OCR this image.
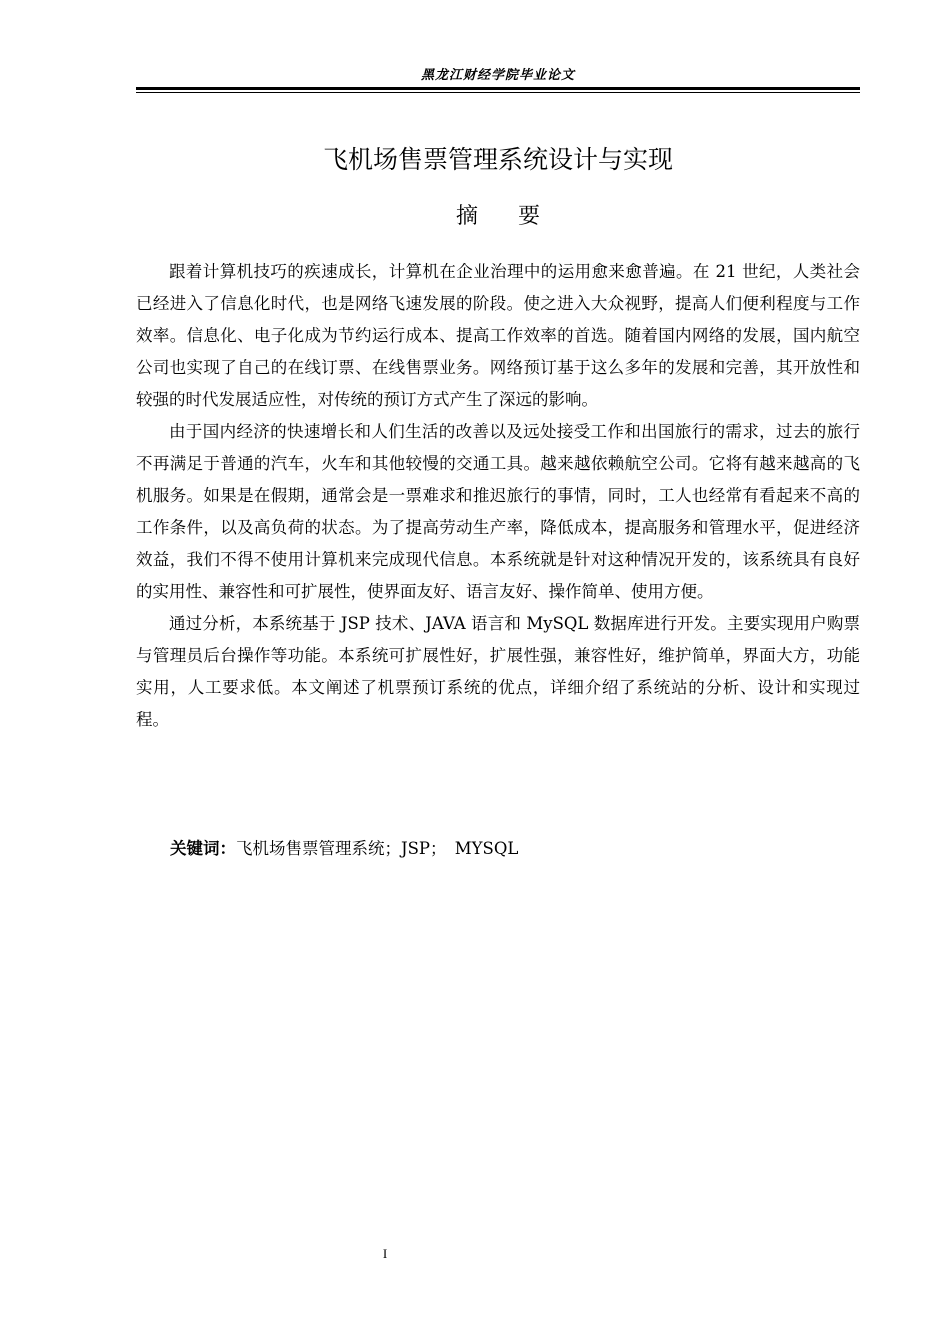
黑龙江财经学院毕业论文
飞机场售票管理系统设计与实现
摘要

跟着计算机技巧的疾速成长，计算机在企业治理中的运用愈来愈普遍。在 21 世纪，人类社会已经进入了信息化时代，也是网络飞速发展的阶段。使之进入大众视野，提高人们便利程度与工作效率。信息化、电子化成为节约运行成本、提高工作效率的首选。随着国内网络的发展，国内航空公司也实现了自己的在线订票、在线售票业务。网络预订基于这么多年的发展和完善，其开放性和较强的时代发展适应性，对传统的预订方式产生了深远的影响。

由于国内经济的快速增长和人们生活的改善以及远处接受工作和出国旅行的需求，过去的旅行不再满足于普通的汽车，火车和其他较慢的交通工具。越来越依赖航空公司。它将有越来越高的飞机服务。如果是在假期，通常会是一票难求和推迟旅行的事情，同时，工人也经常有看起来不高的工作条件，以及高负荷的状态。为了提高劳动生产率，降低成本，提高服务和管理水平，促进经济效益，我们不得不使用计算机来完成现代信息。本系统就是针对这种情况开发的，该系统具有良好的实用性、兼容性和可扩展性，使界面友好、语言友好、操作简单、使用方便。

通过分析，本系统基于 JSP 技术、JAVA 语言和 MySQL 数据库进行开发。主要实现用户购票与管理员后台操作等功能。本系统可扩展性好，扩展性强，兼容性好，维护简单，界面大方，功能实用，人工要求低。本文阐述了机票预订系统的优点，详细介绍了系统站的分析、设计和实现过程。

关键词：飞机场售票管理系统；JSP；　MYSQL
I
